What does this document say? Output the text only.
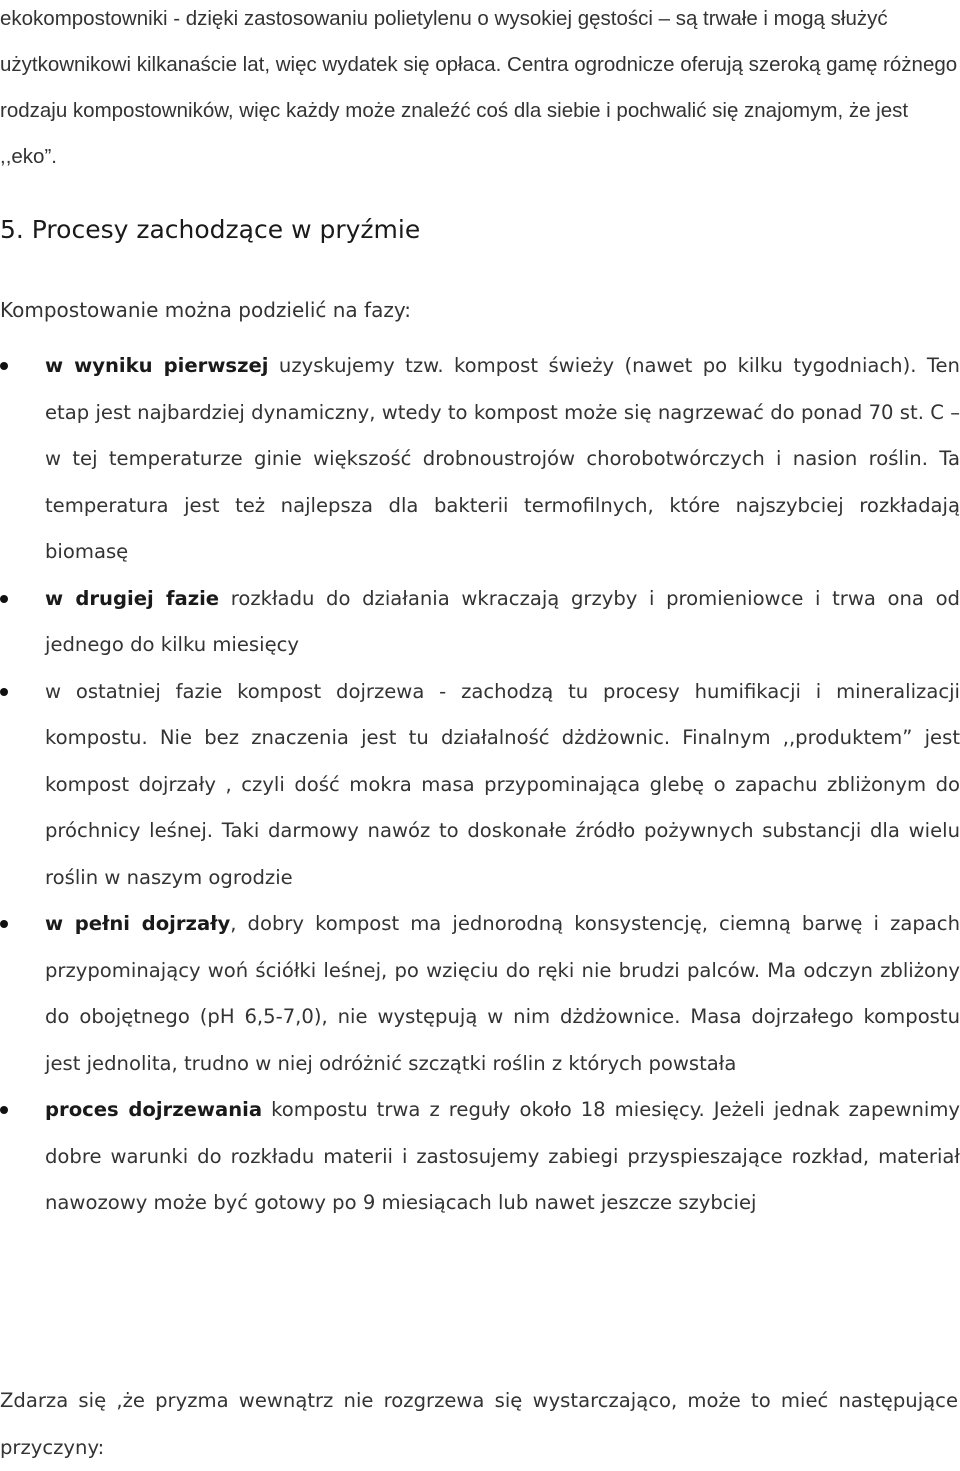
ekokompostowniki - dzięki zastosowaniu polietylenu o wysokiej gęstości – są trwałe i mogą służyć użytkownikowi kilkanaście lat, więc wydatek się opłaca. Centra ogrodnicze oferują szeroką gamę różnego rodzaju kompostowników, więc każdy może znaleźć coś dla siebie i pochwalić się znajomym, że jest ,,eko”.

5. Procesy zachodzące w pryźmie

Kompostowanie można podzielić na fazy:

w wyniku pierwszej uzyskujemy tzw. kompost świeży (nawet po kilku tygodniach). Ten etap jest najbardziej dynamiczny, wtedy to kompost może się nagrzewać do ponad 70 st. C – w tej temperaturze ginie większość drobnoustrojów chorobotwórczych i nasion roślin. Ta temperatura jest też najlepsza dla bakterii termofilnych, które najszybciej rozkładają biomasę
w drugiej fazie rozkładu do działania wkraczają grzyby i promieniowce i trwa ona od jednego do kilku miesięcy
w ostatniej fazie kompost dojrzewa - zachodzą tu procesy humifikacji i mineralizacji kompostu. Nie bez znaczenia jest tu działalność dżdżownic. Finalnym ,,produktem” jest kompost dojrzały , czyli dość mokra masa przypominająca glebę o zapachu zbliżonym do próchnicy leśnej. Taki darmowy nawóz to doskonałe źródło pożywnych substancji dla wielu roślin w naszym ogrodzie
w pełni dojrzały, dobry kompost ma jednorodną konsystencję, ciemną barwę i zapach przypominający woń ściółki leśnej, po wzięciu do ręki nie brudzi palców. Ma odczyn zbliżony do obojętnego (pH 6,5-7,0), nie występują w nim dżdżownice. Masa dojrzałego kompostu jest jednolita, trudno w niej odróżnić szczątki roślin z których powstała
proces dojrzewania kompostu trwa z reguły około 18 miesięcy. Jeżeli jednak zapewnimy dobre warunki do rozkładu materii i zastosujemy zabiegi przyspieszające rozkład, materiał nawozowy może być gotowy po 9 miesiącach lub nawet jeszcze szybciej

Zdarza się ,że pryzma wewnątrz nie rozgrzewa się wystarczająco, może to mieć następujące przyczyny:
